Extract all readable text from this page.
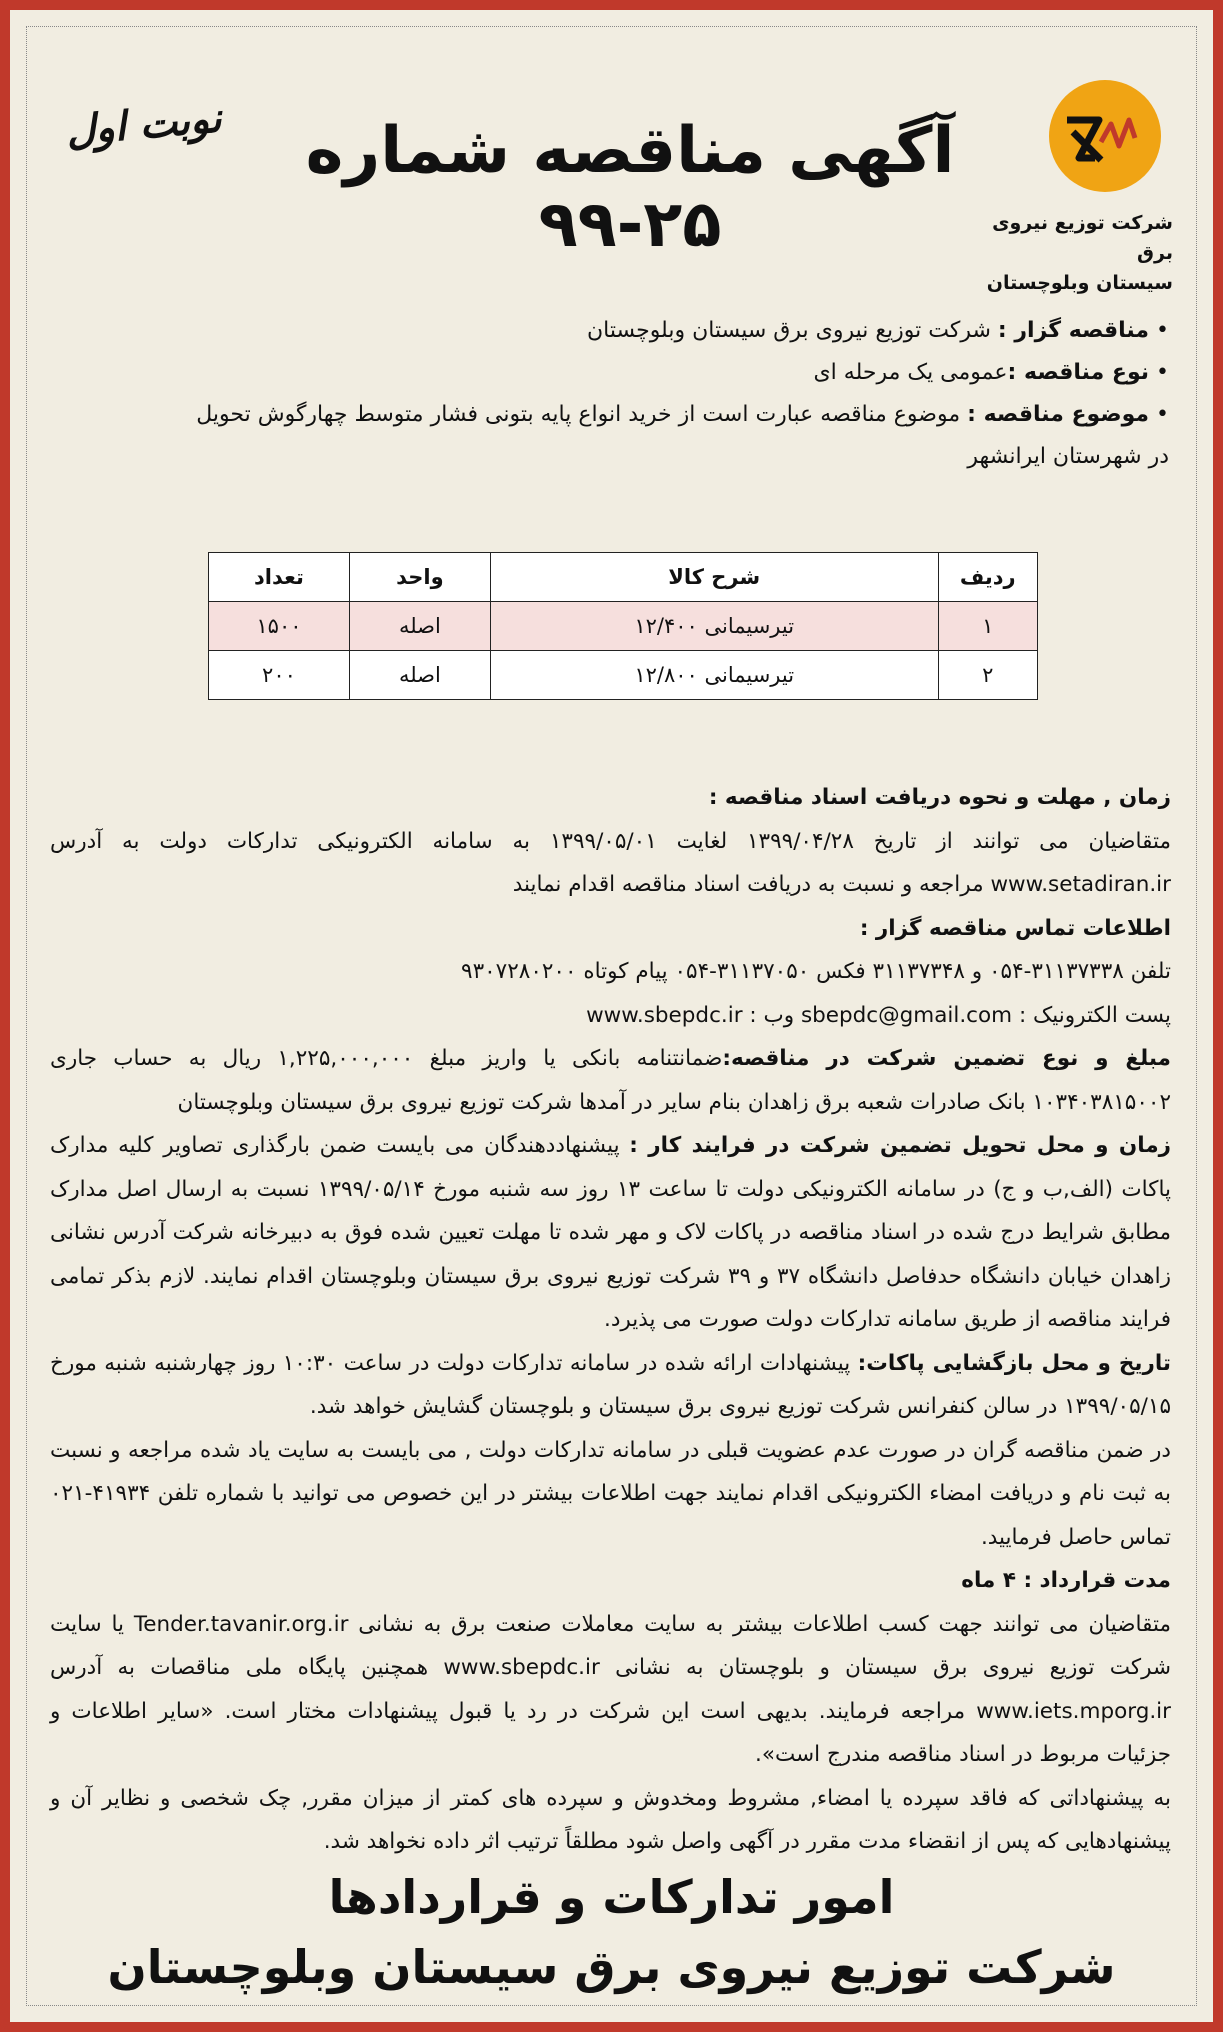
شرکت توزیع نیروی برق
سیستان وبلوچستان
آگهی مناقصه شماره ۲۵-۹۹
نوبت اول
• مناقصه گزار : شرکت توزیع نیروی برق سیستان وبلوچستان
• نوع مناقصه :عمومی یک مرحله ای
• موضوع مناقصه : موضوع مناقصه عبارت است از خرید انواع پایه بتونی فشار متوسط چهارگوش تحویل
در شهرستان ایرانشهر
ردیف	شرح کالا	واحد	تعداد
۱	تیرسیمانی ۱۲/۴۰۰	اصله	۱۵۰۰
۲	تیرسیمانی ۱۲/۸۰۰	اصله	۲۰۰

زمان , مهلت و نحوه دریافت اسناد مناقصه :

متقاضیان می توانند از تاریخ ۱۳۹۹/۰۴/۲۸ لغایت ۱۳۹۹/۰۵/۰۱ به سامانه الکترونیکی تدارکات دولت به آدرس www.setadiran.ir مراجعه و نسبت به دریافت اسناد مناقصه اقدام نمایند

اطلاعات تماس مناقصه گزار :

تلفن ۳۱۱۳۷۳۳۸-۰۵۴ و ۳۱۱۳۷۳۴۸ فکس ۳۱۱۳۷۰۵۰-۰۵۴ پیام کوتاه ۹۳۰۷۲۸۰۲۰۰

پست الکترونیک : sbepdc@gmail.com وب : www.sbepdc.ir

مبلغ و نوع تضمین شرکت در مناقصه:ضمانتنامه بانکی یا واریز مبلغ ۱,۲۲۵,۰۰۰,۰۰۰ ریال به حساب جاری ۱۰۳۴۰۳۸۱۵۰۰۲ بانک صادرات شعبه برق زاهدان بنام سایر در آمدها شرکت توزیع نیروی برق سیستان وبلوچستان

زمان و محل تحویل تضمین شرکت در فرایند کار : پیشنهاددهندگان می بایست ضمن بارگذاری تصاویر کلیه مدارک پاکات (الف,ب و ج) در سامانه الکترونیکی دولت تا ساعت ۱۳ روز سه شنبه مورخ ۱۳۹۹/۰۵/۱۴ نسبت به ارسال اصل مدارک مطابق شرایط درج شده در اسناد مناقصه در پاکات لاک و مهر شده تا مهلت تعیین شده فوق به دبیرخانه شرکت آدرس نشانی زاهدان خیابان دانشگاه حدفاصل دانشگاه ۳۷ و ۳۹ شرکت توزیع نیروی برق سیستان وبلوچستان اقدام نمایند. لازم بذکر تمامی فرایند مناقصه از طریق سامانه تدارکات دولت صورت می پذیرد.

تاریخ و محل بازگشایی پاکات: پیشنهادات ارائه شده در سامانه تدارکات دولت در ساعت ۱۰:۳۰ روز چهارشنبه شنبه مورخ ۱۳۹۹/۰۵/۱۵ در سالن کنفرانس شرکت توزیع نیروی برق سیستان و بلوچستان گشایش خواهد شد.

در ضمن مناقصه گران در صورت عدم عضویت قبلی در سامانه تدارکات دولت , می بایست به سایت یاد شده مراجعه و نسبت به ثبت نام و دریافت امضاء الکترونیکی اقدام نمایند جهت اطلاعات بیشتر در این خصوص می توانید با شماره تلفن ۴۱۹۳۴-۰۲۱ تماس حاصل فرمایید.

مدت قرارداد : ۴ ماه

متقاضیان می توانند جهت کسب اطلاعات بیشتر به سایت معاملات صنعت برق به نشانی Tender.tavanir.org.ir یا سایت شرکت توزیع نیروی برق سیستان و بلوچستان به نشانی www.sbepdc.ir همچنین پایگاه ملی مناقصات به آدرس www.iets.mporg.ir مراجعه فرمایند. بدیهی است این شرکت در رد یا قبول پیشنهادات مختار است. «سایر اطلاعات و جزئیات مربوط در اسناد مناقصه مندرج است».

به پیشنهاداتی که فاقد سپرده یا امضاء, مشروط ومخدوش و سپرده های کمتر از میزان مقرر, چک شخصی و نظایر آن و پیشنهادهایی که پس از انقضاء مدت مقرر در آگهی واصل شود مطلقاً ترتیب اثر داده نخواهد شد.

امور تدارکات و قراردادها
شرکت توزیع نیروی برق سیستان وبلوچستان
